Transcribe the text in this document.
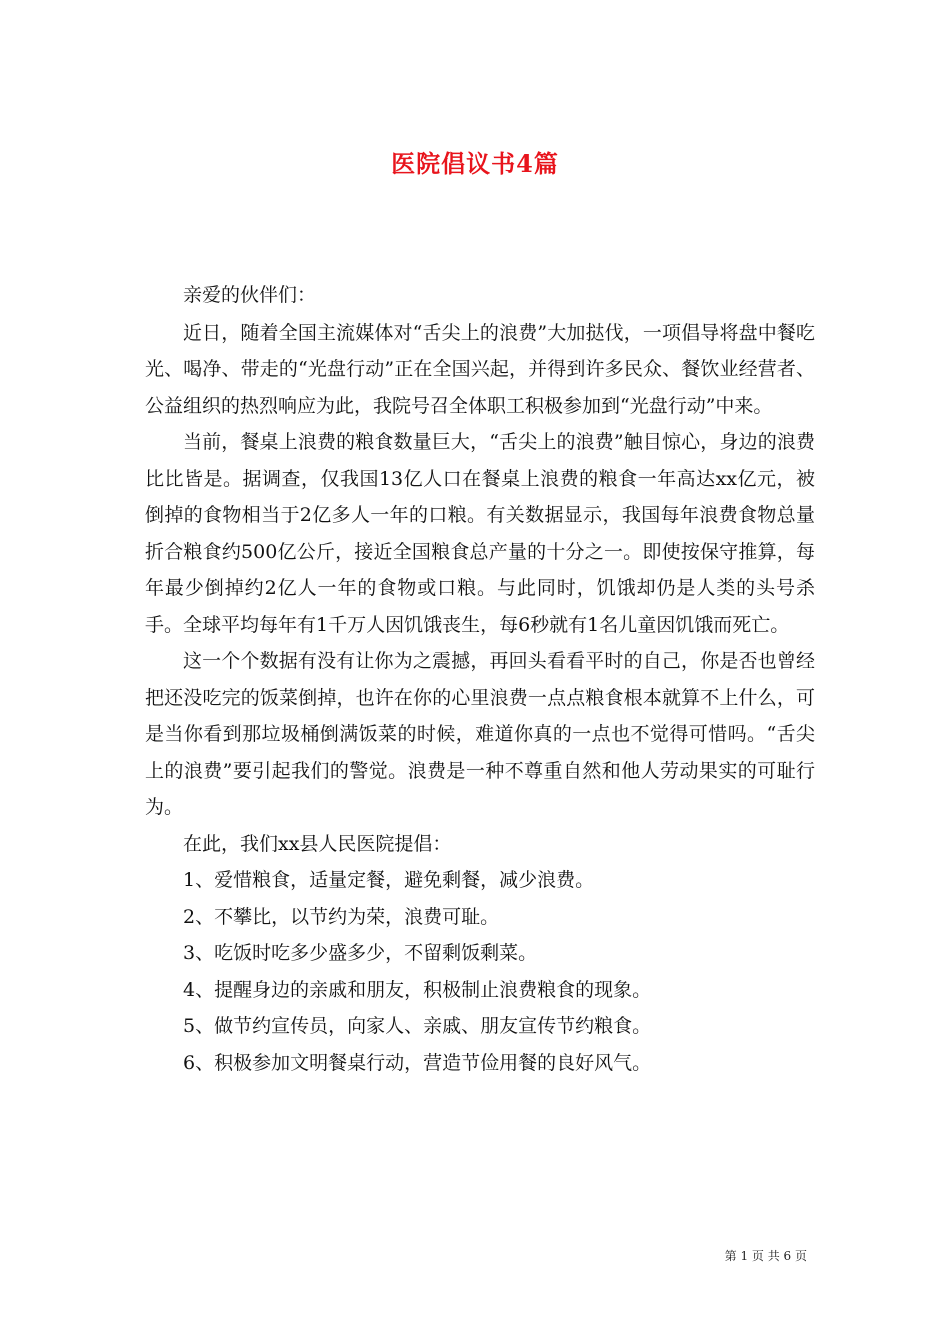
医院倡议书4篇

亲爱的伙伴们：

近日，随着全国主流媒体对“舌尖上的浪费”大加挞伐，一项倡导将盘中餐吃光、喝净、带走的“光盘行动”正在全国兴起，并得到许多民众、餐饮业经营者、公益组织的热烈响应为此，我院号召全体职工积极参加到“光盘行动”中来。

当前，餐桌上浪费的粮食数量巨大，“舌尖上的浪费”触目惊心，身边的浪费比比皆是。据调查，仅我国13亿人口在餐桌上浪费的粮食一年高达xx亿元，被倒掉的食物相当于2亿多人一年的口粮。有关数据显示，我国每年浪费食物总量折合粮食约500亿公斤，接近全国粮食总产量的十分之一。即使按保守推算，每年最少倒掉约2亿人一年的食物或口粮。与此同时，饥饿却仍是人类的头号杀手。全球平均每年有1千万人因饥饿丧生，每6秒就有1名儿童因饥饿而死亡。

这一个个数据有没有让你为之震撼，再回头看看平时的自己，你是否也曾经把还没吃完的饭菜倒掉，也许在你的心里浪费一点点粮食根本就算不上什么，可是当你看到那垃圾桶倒满饭菜的时候，难道你真的一点也不觉得可惜吗。“舌尖上的浪费”要引起我们的警觉。浪费是一种不尊重自然和他人劳动果实的可耻行为。

在此，我们xx县人民医院提倡：

1、爱惜粮食，适量定餐，避免剩餐，减少浪费。

2、不攀比，以节约为荣，浪费可耻。

3、吃饭时吃多少盛多少，不留剩饭剩菜。

4、提醒身边的亲戚和朋友，积极制止浪费粮食的现象。

5、做节约宣传员，向家人、亲戚、朋友宣传节约粮食。

6、积极参加文明餐桌行动，营造节俭用餐的良好风气。

第 1 页 共 6 页
